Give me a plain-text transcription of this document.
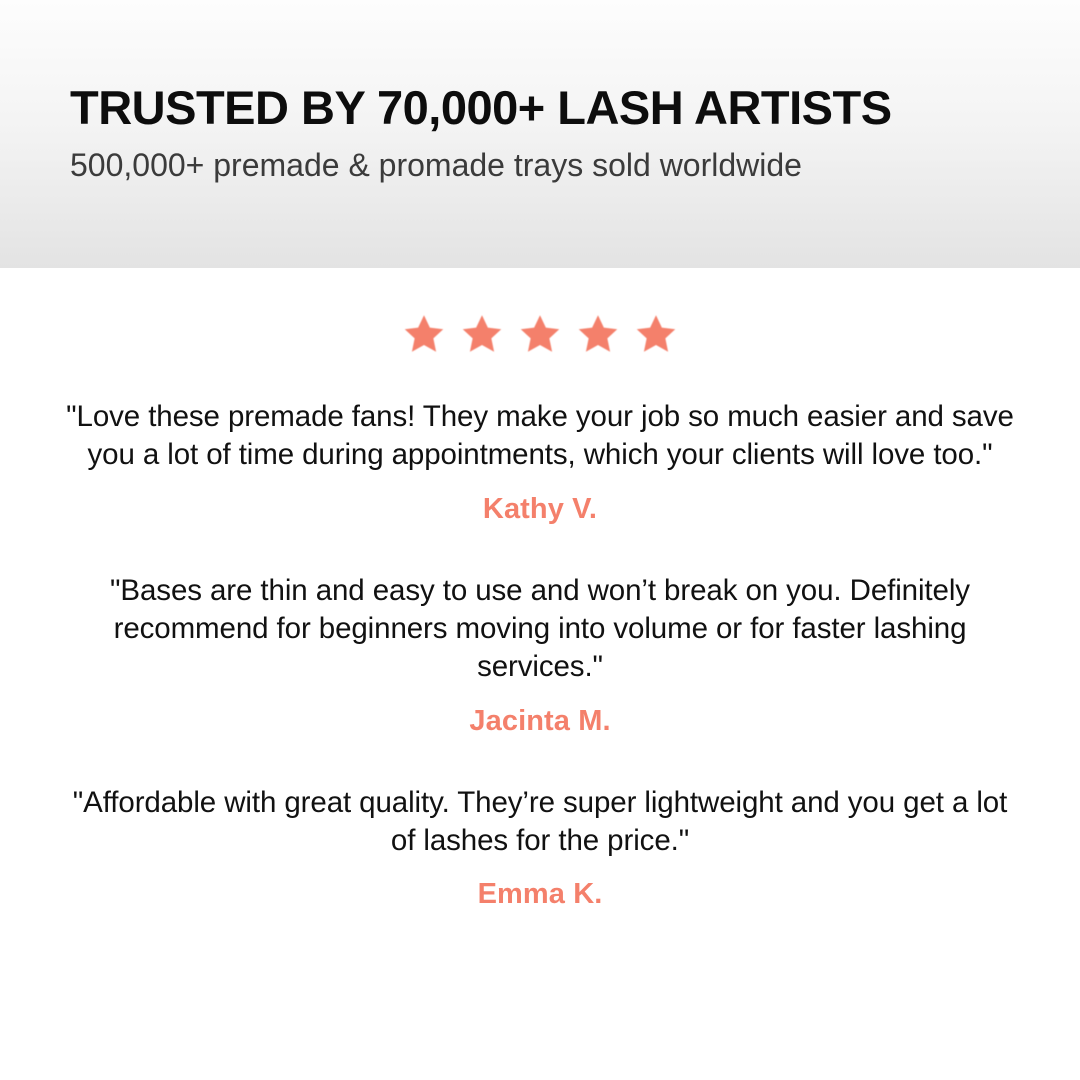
TRUSTED BY 70,000+ LASH ARTISTS
500,000+ premade & promade trays sold worldwide

"Love these premade fans! They make your job so much easier and save you a lot of time during appointments, which your clients will love too."

Kathy V.

"Bases are thin and easy to use and won’t break on you. Definitely recommend for beginners moving into volume or for faster lashing services."

Jacinta M.

"Affordable with great quality. They’re super lightweight and you get a lot of lashes for the price."

Emma K.
